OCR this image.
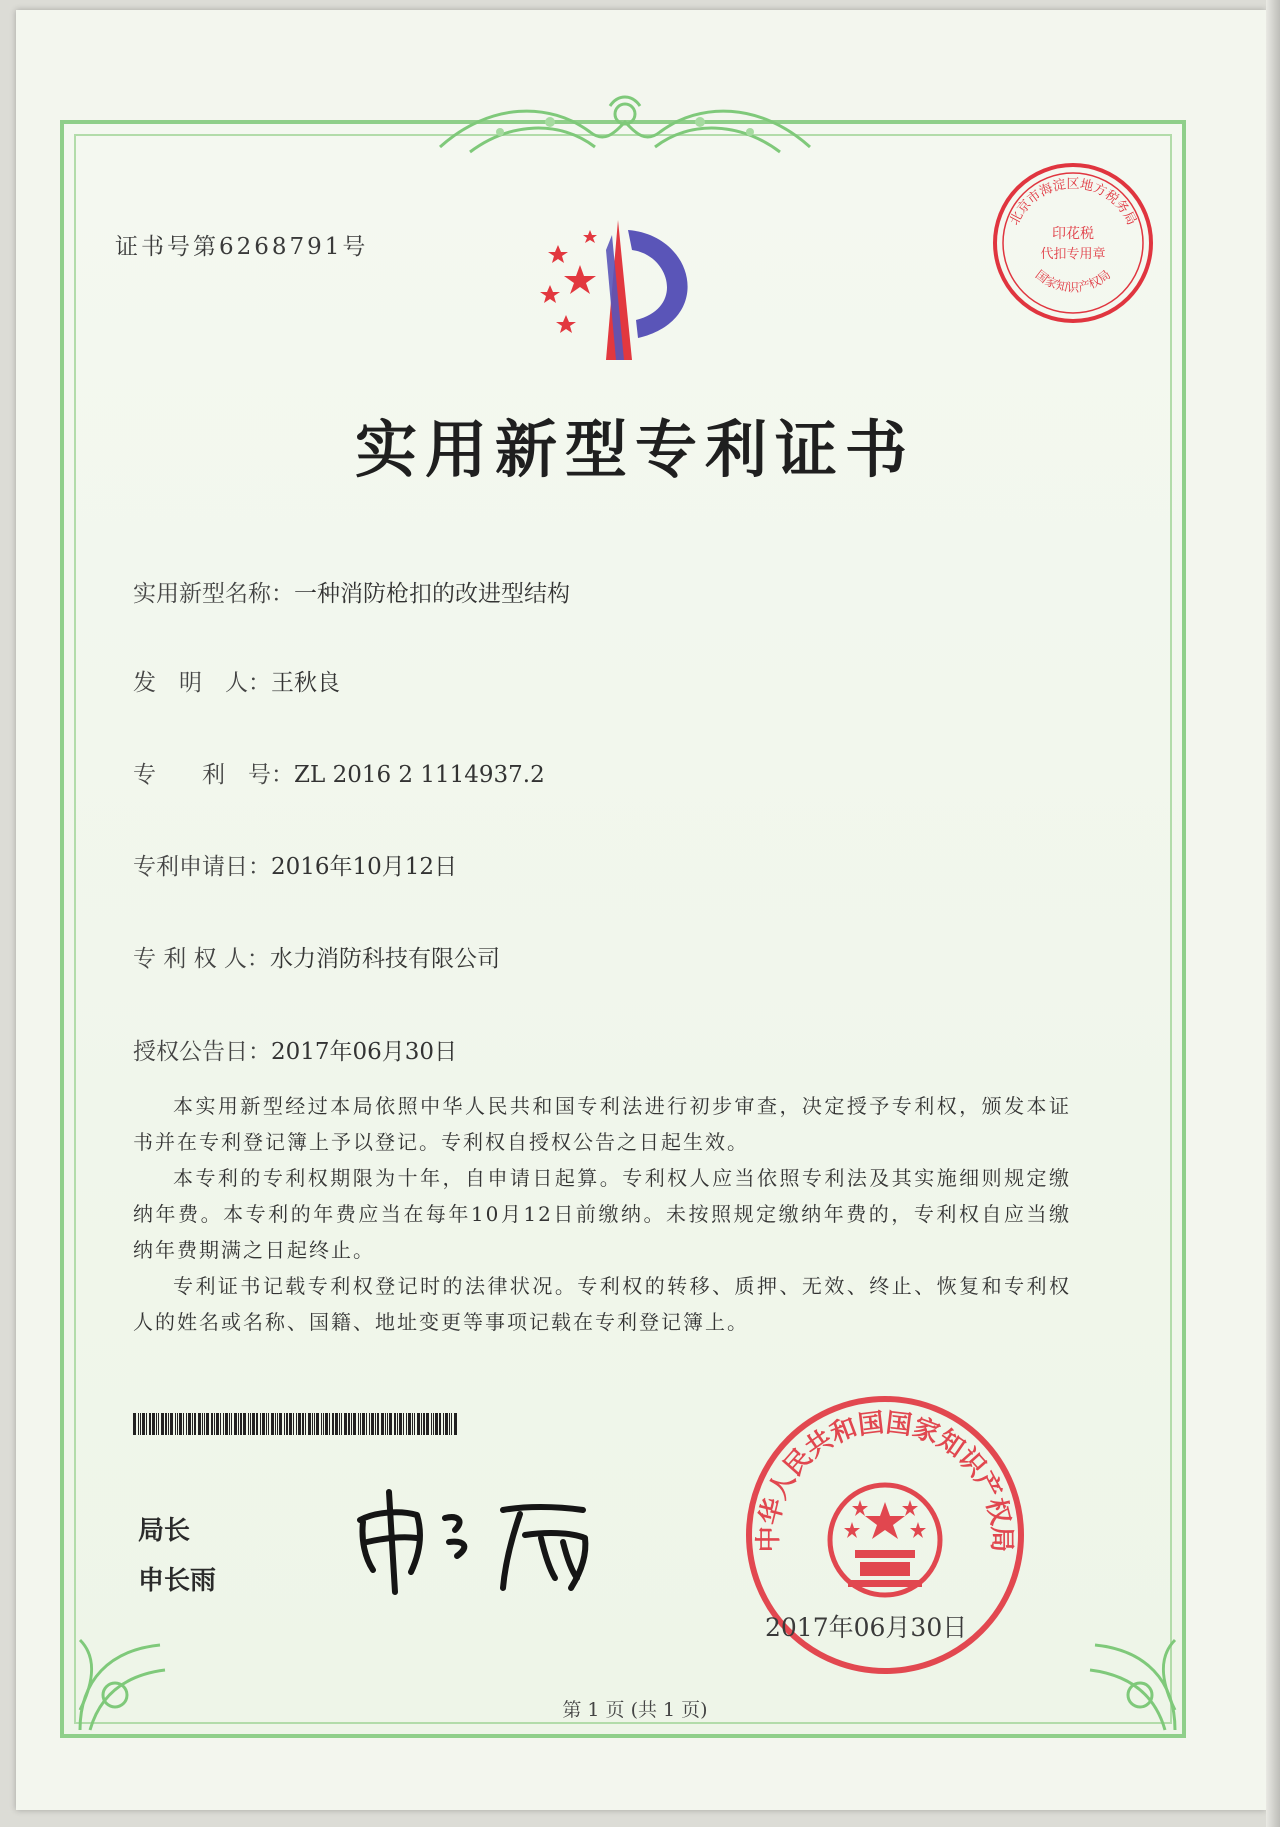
证书号第6268791号
北京市海淀区地方税务局
国家知识产权局
印花税
代扣专用章
实用新型专利证书
实用新型名称：一种消防枪扣的改进型结构
发　明　人：王秋良
专　　利　号：ZL 2016 2 1114937.2
专利申请日：2016年10月12日
专 利 权 人：水力消防科技有限公司
授权公告日：2017年06月30日

本实用新型经过本局依照中华人民共和国专利法进行初步审查，决定授予专利权，颁发本证书并在专利登记簿上予以登记。专利权自授权公告之日起生效。

本专利的专利权期限为十年，自申请日起算。专利权人应当依照专利法及其实施细则规定缴纳年费。本专利的年费应当在每年10月12日前缴纳。未按照规定缴纳年费的，专利权自应当缴纳年费期满之日起终止。

专利证书记载专利权登记时的法律状况。专利权的转移、质押、无效、终止、恢复和专利权人的姓名或名称、国籍、地址变更等事项记载在专利登记簿上。

局长
申长雨
中华人民共和国国家知识产权局
2017年06月30日
第 1 页 (共 1 页)
